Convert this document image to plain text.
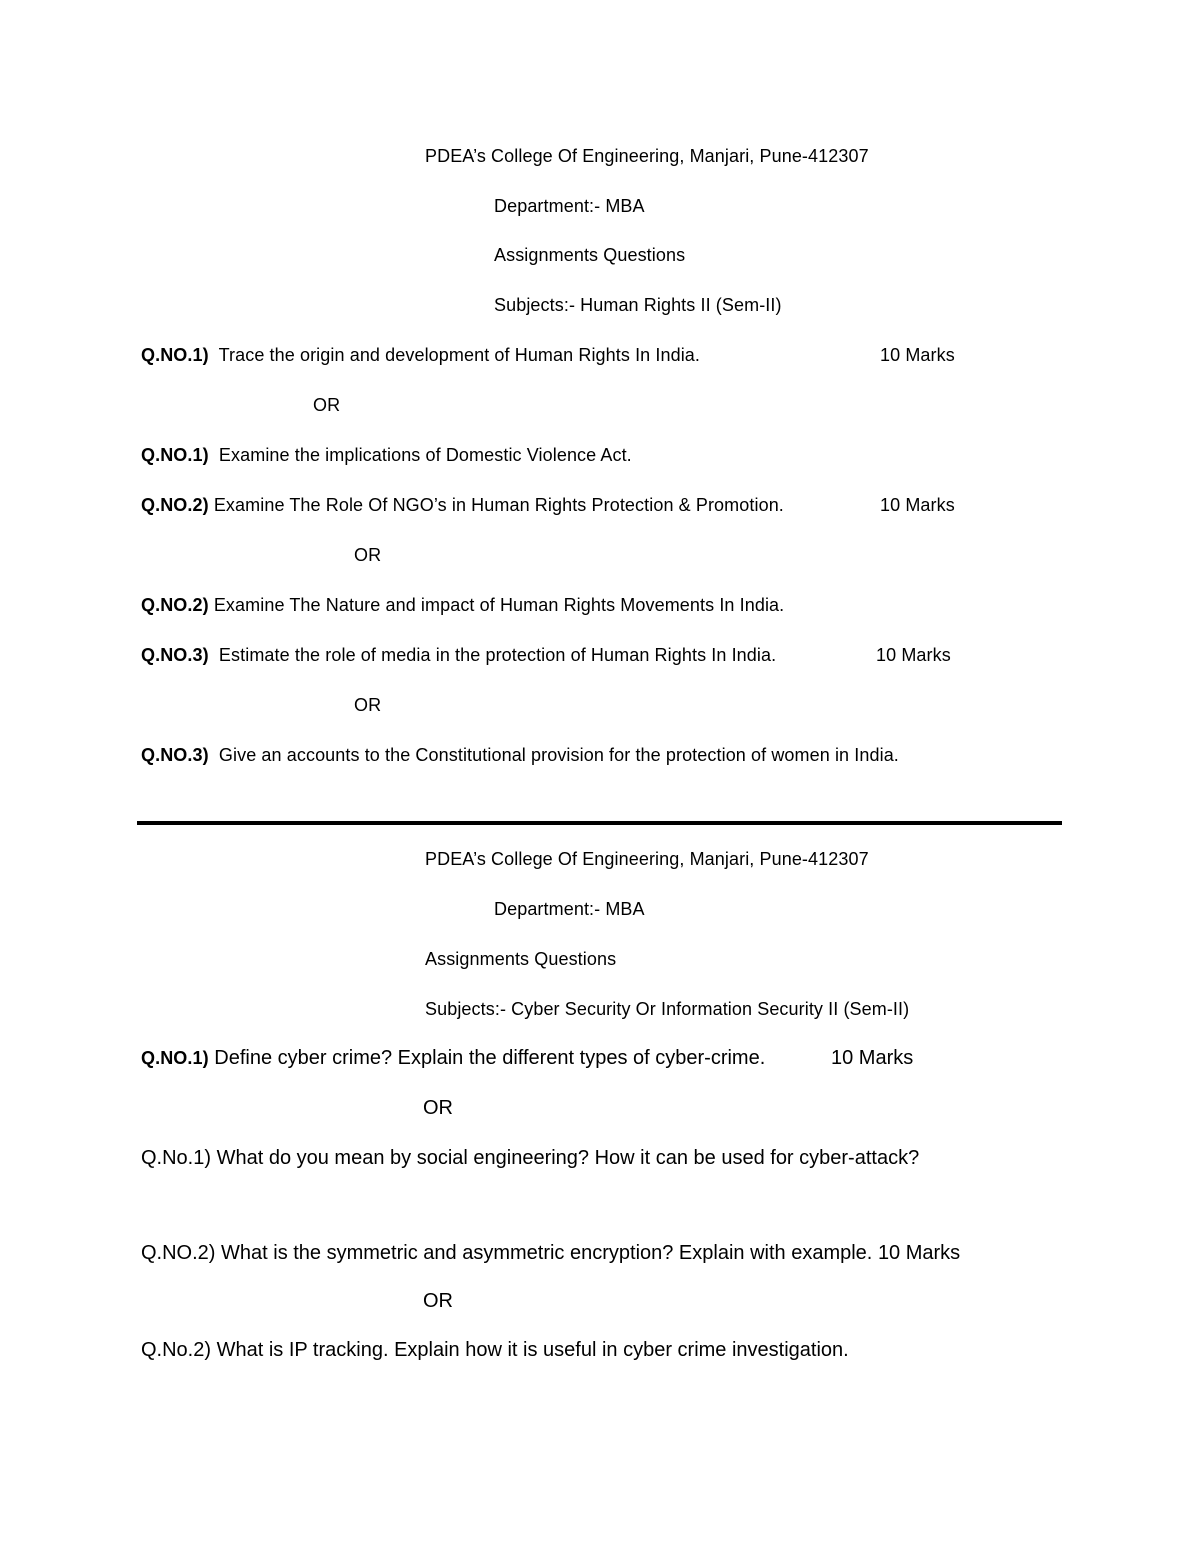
PDEA’s College Of Engineering, Manjari, Pune-412307
Department:- MBA
Assignments Questions
Subjects:- Human Rights II (Sem-II)
Q.NO.1) Trace the origin and development of Human Rights In India.	10 Marks
OR
Q.NO.1) Examine the implications of Domestic Violence Act.
Q.NO.2) Examine The Role Of NGO’s in Human Rights Protection & Promotion.	10 Marks
OR
Q.NO.2) Examine The Nature and impact of Human Rights Movements In India.
Q.NO.3) Estimate the role of media in the protection of Human Rights In India.	10 Marks
OR
Q.NO.3) Give an accounts to the Constitutional provision for the protection of women in India.
PDEA’s College Of Engineering, Manjari, Pune-412307
Department:- MBA
Assignments Questions
Subjects:- Cyber Security Or Information Security II (Sem-II)
Q.NO.1) Define cyber crime? Explain the different types of cyber-crime.	10 Marks
OR
Q.No.1) What do you mean by social engineering? How it can be used for cyber-attack?
Q.NO.2) What is the symmetric and asymmetric encryption? Explain with example. 10 Marks
OR
Q.No.2) What is IP tracking. Explain how it is useful in cyber crime investigation.
